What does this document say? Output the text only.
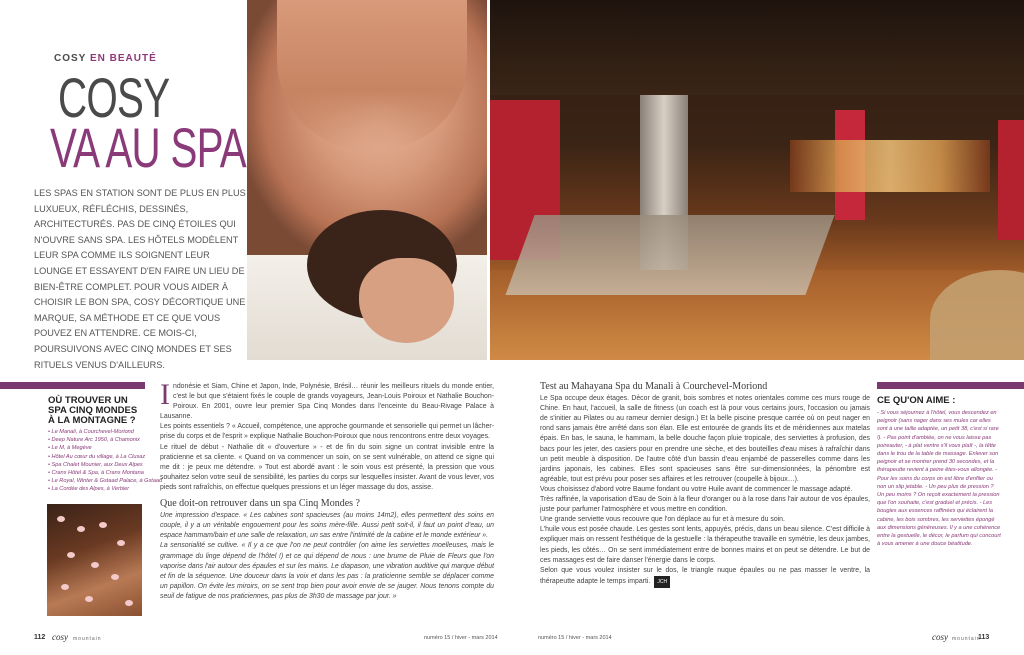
COSY EN BEAUTÉ
COSY
VA AU SPA
LES SPAS EN STATION SONT DE PLUS EN PLUS LUXUEUX, RÉFLÉCHIS, DESSINÉS, ARCHITECTURÉS. PAS DE CINQ ÉTOILES QUI N'OUVRE SANS SPA. LES HÔTELS MODÈLENT LEUR SPA COMME ILS SOIGNENT LEUR LOUNGE ET ESSAYENT D'EN FAIRE UN LIEU DE BIEN-ÊTRE COMPLET. POUR VOUS AIDER À CHOISIR LE BON SPA, COSY DÉCORTIQUE UNE MARQUE, SA MÉTHODE ET CE QUE VOUS POUVEZ EN ATTENDRE. CE MOIS-CI, POURSUIVONS AVEC CINQ MONDES ET SES RITUELS VENUS D'AILLEURS.
OÙ TROUVER UN SPA CINQ MONDES À LA MONTAGNE ?
• Le Manali, à Courchevel-Moriond
• Deep Nature Arc 1950, à Chamonix
• Le M, à Megève
• Hôtel Au cœur du village, à La Clusaz
• Spa Chalet Mounier, aux Deux Alpes
• Crans Hôtel & Spa, à Crans Montana
• Le Royal, Winter & Gstaad Palace, à Gstaad
• La Cordée des Alpes, à Verbier
CE QU'ON AIME :
- Si vous séjournez à l'hôtel, vous descendez en peignoir (sans nager dans ses mules car elles sont à une taille adaptée, un petit 38, c'est si rare !). - Pas point d'ambiée, on ne vous laisse pas poireauter, - à plat ventre s'il vous plaît -, la têtte dans le trou de la table de massage. Enlever son peignoir et se montrer prend 30 secondes, et la thérapeutte revient à peine êtes-vous allongée. - Pour les soins du corps on est libre d'enfiler ou non un slip jetable. - Un peu plus de pression ? Un peu moins ? On reçoit exactement la pression que l'on souhaite, c'est graduel et précis. - Les bougies aux essences raffinées qui éclairent la cabine, les bois sombres, les serviettes épongé aux dimensions généreuses. Il y a une cohérence entre la gestuelle, le décor, le parfum qui concourt à vous amener à une douce béatitude.

Indonésie et Siam, Chine et Japon, Inde, Polynésie, Brésil… réunir les meilleurs rituels du monde entier, c'est le but que s'étaient fixés le couple de grands voyageurs, Jean-Louis Poiroux et Nathalie Bouchon-Poiroux. En 2001, ouvre leur premier Spa Cinq Mondes dans l'enceinte du Beau-Rivage Palace à Lausanne.

Les points essentiels ? « Accueil, compétence, une approche gourmande et sensorielle qui permet un lâcher-prise du corps et de l'esprit » explique Nathalie Bouchon-Poiroux que nous rencontrons entre deux voyages.

Le rituel de début - Nathalie dit « d'ouverture » - et de fin du soin signe un contrat invisible entre la praticienne et sa cliente. « Quand on va commencer un soin, on se sent vulnérable, on attend ce signe qui me dit : je peux me détendre. » Tout est abordé avant : le soin vous est présenté, la pression que vous souhaitez selon votre seuil de sensibilité, les parties du corps sur lesquelles insister. Avant de vous lever, vos pieds sont rafraîchis, on effectue quelques pressions et un léger massage du dos, assise.

Que doit-on retrouver dans un spa Cinq Mondes ?

Une impression d'espace. « Les cabines sont spacieuses (au moins 14m2), elles permettent des soins en couple, il y a un véritable engouement pour les soins mère-fille. Aussi petit soit-il, il faut un point d'eau, un espace hammam/bain et une salle de relaxation, un sas entre l'intimité de la cabine et le monde extérieur ».

La sensorialité se cultive. « Il y a ce que l'on ne peut contrôler (on aime les serviettes moelleuses, mais le grammage du linge dépend de l'hôtel !) et ce qui dépend de nous : une brume de Pluie de Fleurs que l'on vaporise dans l'air autour des épaules et sur les mains. Le diapason, une vibration auditive qui marque début et fin de la séquence. Une douceur dans la voix et dans les pas : la praticienne semble se déplacer comme un papillon. On évite les miroirs, on se sent trop bien pour avoir envie de se jauger. Nous tenons compte du seuil de fatigue de nos praticiennes, pas plus de 3h30 de massage par jour. »

Test au Mahayana Spa du Manali à Courchevel-Moriond

Le Spa occupe deux étages. Décor de granit, bois sombres et notes orientales comme ces murs rouge de Chine. En haut, l'accueil, la salle de fitness (un coach est là pour vous certains jours, l'occasion ou jamais de s'initier au Pilates ou au rameur dernier design.) Et la belle piscine presque carrée où on peut nager en rond sans jamais être arrêté dans son élan. Elle est entourée de grands lits et de méridiennes aux matelas épais. En bas, le sauna, le hammam, la belle douche façon pluie tropicale, des serviettes à profusion, des bacs pour les jeter, des casiers pour en prendre une sèche, et des bouteilles d'eau mises à rafraîchir dans un petit meuble à disposition. De l'autre côté d'un bassin d'eau enjambé de passerelles comme dans les jardins japonais, les cabines. Elles sont spacieuses sans être sur-dimensionnées, la pénombre est agréable, tout est prévu pour poser ses affaires et les retrouver (coupelle à bijoux…).

Vous choisissez d'abord votre Baume fondant ou votre Huile avant de commencer le massage adapté.

Très raffinée, la vaporisation d'Eau de Soin à la fleur d'oranger ou à la rose dans l'air autour de vos épaules, juste pour parfumer l'atmosphère et vous mettre en condition.

Une grande serviette vous recouvre que l'on déplace au fur et à mesure du soin.

L'huile vous est posée chaude. Les gestes sont lents, appuyés, précis, dans un beau silence. C'est difficile à expliquer mais on ressent l'esthétique de la gestuelle : la thérapeuthe travaille en symétrie, les deux jambes, les pieds, les côtés… On se sent immédiatement entre de bonnes mains et on peut se détendre. Le but de ces massages est de faire danser l'énergie dans le corps.

Selon que vous voulez insister sur le dos, le triangle nuque épaules ou ne pas masser le ventre, la thérapeutte adapte le temps imparti. JCH

112 cosy mountain	numéro 15 / hiver - mars 2014	numéro 15 / hiver - mars 2014	cosy mountain
113
